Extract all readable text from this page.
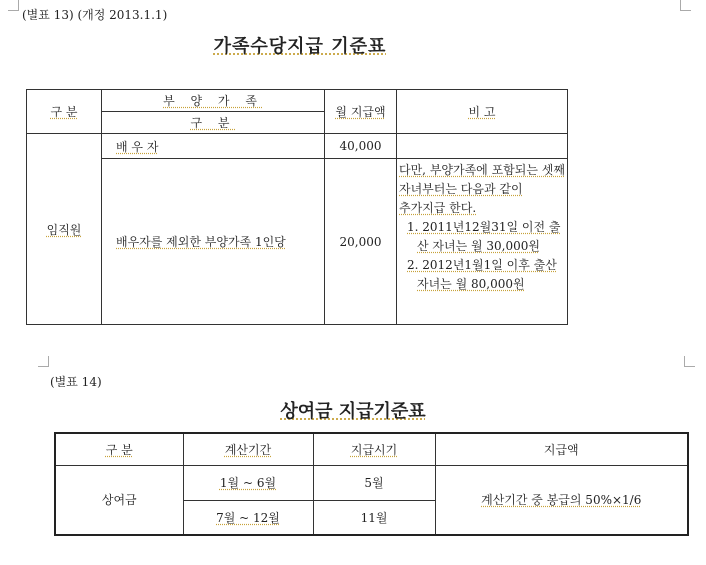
(별표 13) (개정 2013.1.1)
가족수당지급 기준표
구 분	부 양 가 족	월 지급액	비 고
	구 분		
임직원	배 우 자	40,000	
	배우자를 제외한 부양가족 1인당	20,000	다만, 부양가족에 포함되는 셋째 자녀부터는 다음과 같이
추가지급 한다.
1. 2011년12월31일 이전 출산 자녀는 월 30,000원
2. 2012년1월1일 이후 출산 자녀는 월 80,000원
(별표 14)
상여금 지급기준표
구 분	계산기간	지급시기	지급액
상여금	1월 ~ 6월	5월	계산기간 중 봉급의 50%×1/6
	7월 ~ 12월	11월	
